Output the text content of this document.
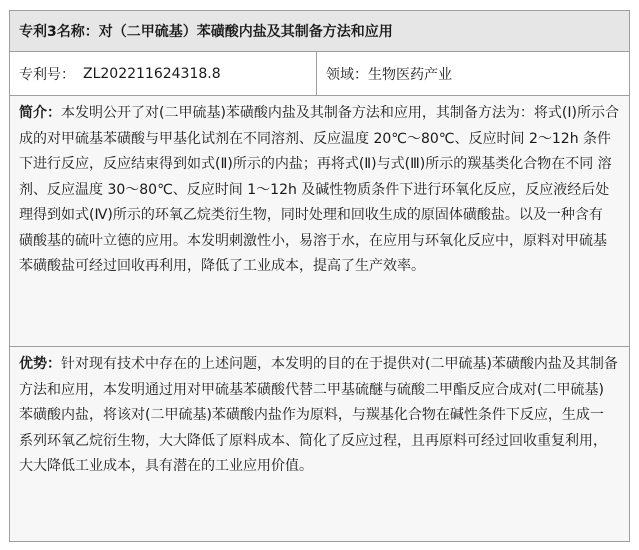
专利3名称：对（二甲硫基）苯磺酸内盐及其制备方法和应用
专利号： ZL202211624318.8	领域： 生物医药产业

简介：本发明公开了对(二甲硫基)苯磺酸内盐及其制备方法和应用，其制备方法为：将式(Ⅰ)所示合成的对甲硫基苯磺酸与甲基化试剂在不同溶剂、反应温度 20℃～80℃、反应时间 2～12h 条件 下进行反应，反应结束得到如式(Ⅱ)所示的内盐；再将式(Ⅱ)与式(Ⅲ)所示的羰基类化合物在不同 溶剂、反应温度 30～80℃、反应时间 1～12h 及碱性物质条件下进行环氧化反应，反应液经后处 理得到如式(Ⅳ)所示的环氧乙烷类衍生物，同时处理和回收生成的原固体磺酸盐。以及一种含有 磺酸基的硫叶立德的应用。本发明刺激性小，易溶于水，在应用与环氧化反应中，原料对甲硫基 苯磺酸盐可经过回收再利用，降低了工业成本，提高了生产效率。

优势：针对现有技术中存在的上述问题，本发明的目的在于提供对(二甲硫基)苯磺酸内盐及其制备 方法和应用，本发明通过用对甲硫基苯磺酸代替二甲基硫醚与硫酸二甲酯反应合成对(二甲硫基) 苯磺酸内盐，将该对(二甲硫基)苯磺酸内盐作为原料，与羰基化合物在碱性条件下反应，生成一 系列环氧乙烷衍生物，大大降低了原料成本、简化了反应过程，且再原料可经过回收重复利用，大大降低工业成本，具有潜在的工业应用价值。
